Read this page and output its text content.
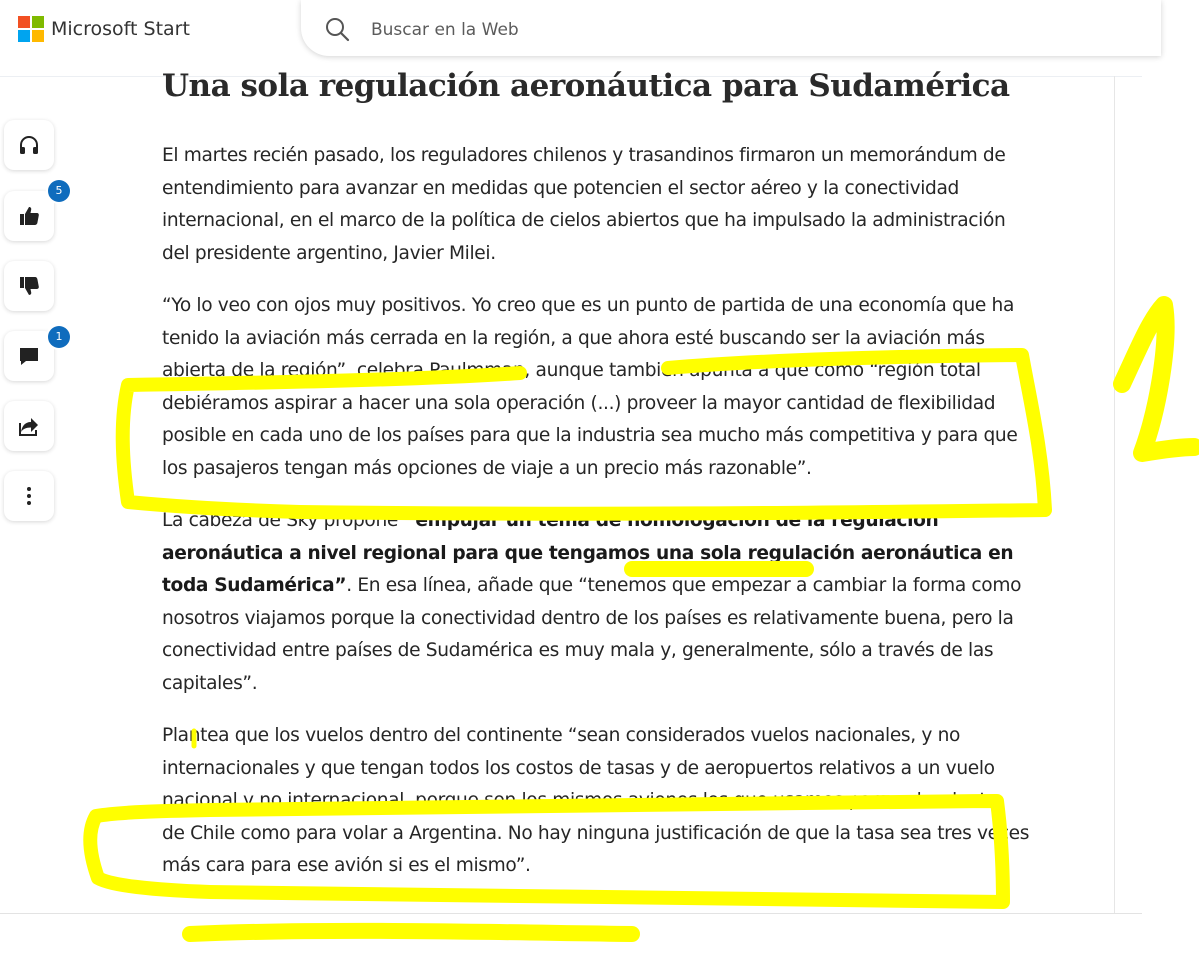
Microsoft Start
Buscar en la Web
5
1
Una sola regulación aeronáutica para Sudamérica

El martes recién pasado, los reguladores chilenos y trasandinos firmaron un memorándum de entendimiento para avanzar en medidas que potencien el sector aéreo y la conectividad internacional, en el marco de la política de cielos abiertos que ha impulsado la administración del presidente argentino, Javier Milei.

“Yo lo veo con ojos muy positivos. Yo creo que es un punto de partida de una economía que ha tenido la aviación más cerrada en la región, a que ahora esté buscando ser la aviación más abierta de la región”, celebra Paulmman, aunque también apunta a que como “región total debiéramos aspirar a hacer una sola operación (...) proveer la mayor cantidad de flexibilidad posible en cada uno de los países para que la industria sea mucho más competitiva y para que los pasajeros tengan más opciones de viaje a un precio más razonable”.

La cabeza de Sky propone “empujar un tema de homologación de la regulación aeronáutica a nivel regional para que tengamos una sola regulación aeronáutica en toda Sudamérica”. En esa línea, añade que “tenemos que empezar a cambiar la forma como nosotros viajamos porque la conectividad dentro de los países es relativamente buena, pero la conectividad entre países de Sudamérica es muy mala y, generalmente, sólo a través de las capitales”.

Plantea que los vuelos dentro del continente “sean considerados vuelos nacionales, y no internacionales y que tengan todos los costos de tasas y de aeropuertos relativos a un vuelo nacional y no internacional, porque son los mismos aviones los que usamos para volar dentro de Chile como para volar a Argentina. No hay ninguna justificación de que la tasa sea tres veces más cara para ese avión si es el mismo”.
